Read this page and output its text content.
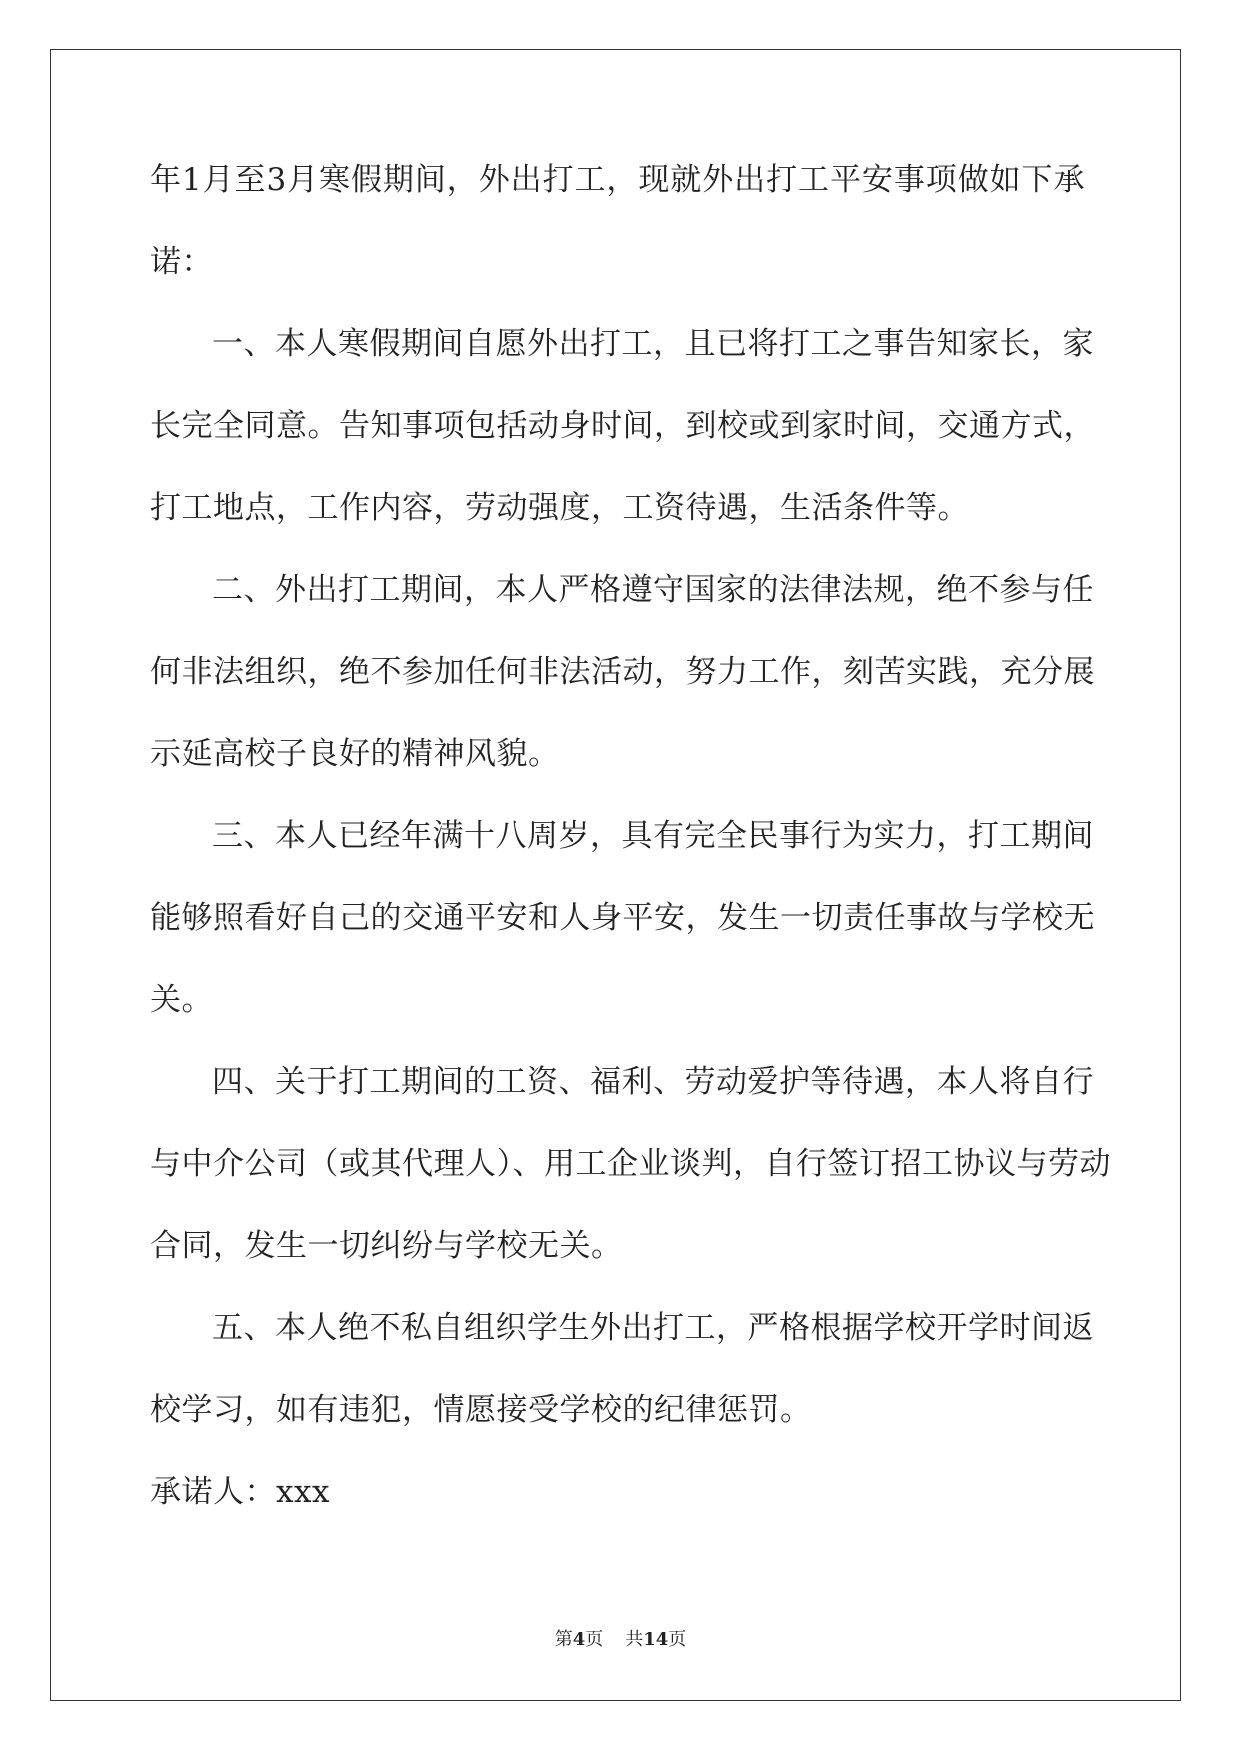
年1月至3月寒假期间，外出打工，现就外出打工平安事项做如下承
诺：
一、本人寒假期间自愿外出打工，且已将打工之事告知家长，家
长完全同意。告知事项包括动身时间，到校或到家时间，交通方式，
打工地点，工作内容，劳动强度，工资待遇，生活条件等。
二、外出打工期间，本人严格遵守国家的法律法规，绝不参与任
何非法组织，绝不参加任何非法活动，努力工作，刻苦实践，充分展
示延高校子良好的精神风貌。
三、本人已经年满十八周岁，具有完全民事行为实力，打工期间
能够照看好自己的交通平安和人身平安，发生一切责任事故与学校无
关。
四、关于打工期间的工资、福利、劳动爱护等待遇，本人将自行
与中介公司（或其代理人）、用工企业谈判，自行签订招工协议与劳动
合同，发生一切纠纷与学校无关。
五、本人绝不私自组织学生外出打工，严格根据学校开学时间返
校学习，如有违犯，情愿接受学校的纪律惩罚。
承诺人：xxx
第4页 共14页
